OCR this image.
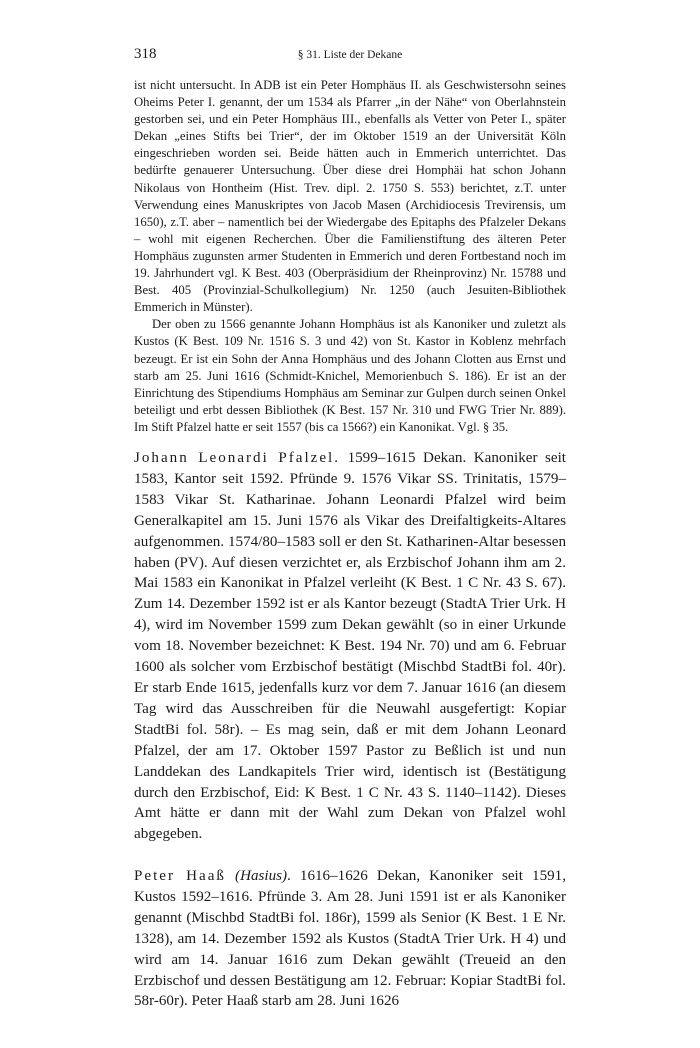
318	§ 31. Liste der Dekane

ist nicht untersucht. In ADB ist ein Peter Homphäus II. als Geschwistersohn seines Oheims Peter I. genannt, der um 1534 als Pfarrer „in der Nähe“ von Oberlahnstein gestorben sei, und ein Peter Homphäus III., ebenfalls als Vetter von Peter I., später Dekan „eines Stifts bei Trier“, der im Oktober 1519 an der Universität Köln eingeschrieben worden sei. Beide hätten auch in Emmerich unterrichtet. Das bedürfte genauerer Untersuchung. Über diese drei Homphäi hat schon Johann Nikolaus von Hontheim (Hist. Trev. dipl. 2. 1750 S. 553) berichtet, z.T. unter Verwendung eines Manuskriptes von Jacob Masen (Archidiocesis Trevirensis, um 1650), z.T. aber – namentlich bei der Wiedergabe des Epitaphs des Pfalzeler Dekans – wohl mit eigenen Recherchen. Über die Familienstiftung des älteren Peter Homphäus zugunsten armer Studenten in Emmerich und deren Fortbestand noch im 19. Jahrhundert vgl. K Best. 403 (Oberpräsidium der Rheinprovinz) Nr. 15788 und Best. 405 (Provinzial-Schulkollegium) Nr. 1250 (auch Jesuiten-Bibliothek Emmerich in Münster).

Der oben zu 1566 genannte Johann Homphäus ist als Kanoniker und zuletzt als Kustos (K Best. 109 Nr. 1516 S. 3 und 42) von St. Kastor in Koblenz mehrfach bezeugt. Er ist ein Sohn der Anna Homphäus und des Johann Clotten aus Ernst und starb am 25. Juni 1616 (Schmidt-Knichel, Memorienbuch S. 186). Er ist an der Einrichtung des Stipendiums Homphäus am Seminar zur Gulpen durch seinen Onkel beteiligt und erbt dessen Bibliothek (K Best. 157 Nr. 310 und FWG Trier Nr. 889). Im Stift Pfalzel hatte er seit 1557 (bis ca 1566?) ein Kanonikat. Vgl. § 35.

Johann Leonardi Pfalzel. 1599–1615 Dekan. Kanoniker seit 1583, Kantor seit 1592. Pfründe 9. 1576 Vikar SS. Trinitatis, 1579–1583 Vikar St. Katharinae. Johann Leonardi Pfalzel wird beim Generalkapitel am 15. Juni 1576 als Vikar des Dreifaltigkeits-Altares aufgenommen. 1574/80–1583 soll er den St. Katharinen-Altar besessen haben (PV). Auf diesen verzichtet er, als Erzbischof Johann ihm am 2. Mai 1583 ein Kanonikat in Pfalzel verleiht (K Best. 1 C Nr. 43 S. 67). Zum 14. Dezember 1592 ist er als Kantor bezeugt (StadtA Trier Urk. H 4), wird im November 1599 zum Dekan gewählt (so in einer Urkunde vom 18. November bezeichnet: K Best. 194 Nr. 70) und am 6. Februar 1600 als solcher vom Erzbischof bestätigt (Mischbd StadtBi fol. 40r). Er starb Ende 1615, jedenfalls kurz vor dem 7. Januar 1616 (an diesem Tag wird das Ausschreiben für die Neuwahl ausgefertigt: Kopiar StadtBi fol. 58r). – Es mag sein, daß er mit dem Johann Leonard Pfalzel, der am 17. Oktober 1597 Pastor zu Beßlich ist und nun Landdekan des Landkapitels Trier wird, identisch ist (Bestätigung durch den Erzbischof, Eid: K Best. 1 C Nr. 43 S. 1140–1142). Dieses Amt hätte er dann mit der Wahl zum Dekan von Pfalzel wohl abgegeben.

Peter Haaß (Hasius). 1616–1626 Dekan, Kanoniker seit 1591, Kustos 1592–1616. Pfründe 3. Am 28. Juni 1591 ist er als Kanoniker genannt (Mischbd StadtBi fol. 186r), 1599 als Senior (K Best. 1 E Nr. 1328), am 14. Dezember 1592 als Kustos (StadtA Trier Urk. H 4) und wird am 14. Januar 1616 zum Dekan gewählt (Treueid an den Erzbischof und dessen Bestätigung am 12. Februar: Kopiar StadtBi fol. 58r-60r). Peter Haaß starb am 28. Juni 1626
